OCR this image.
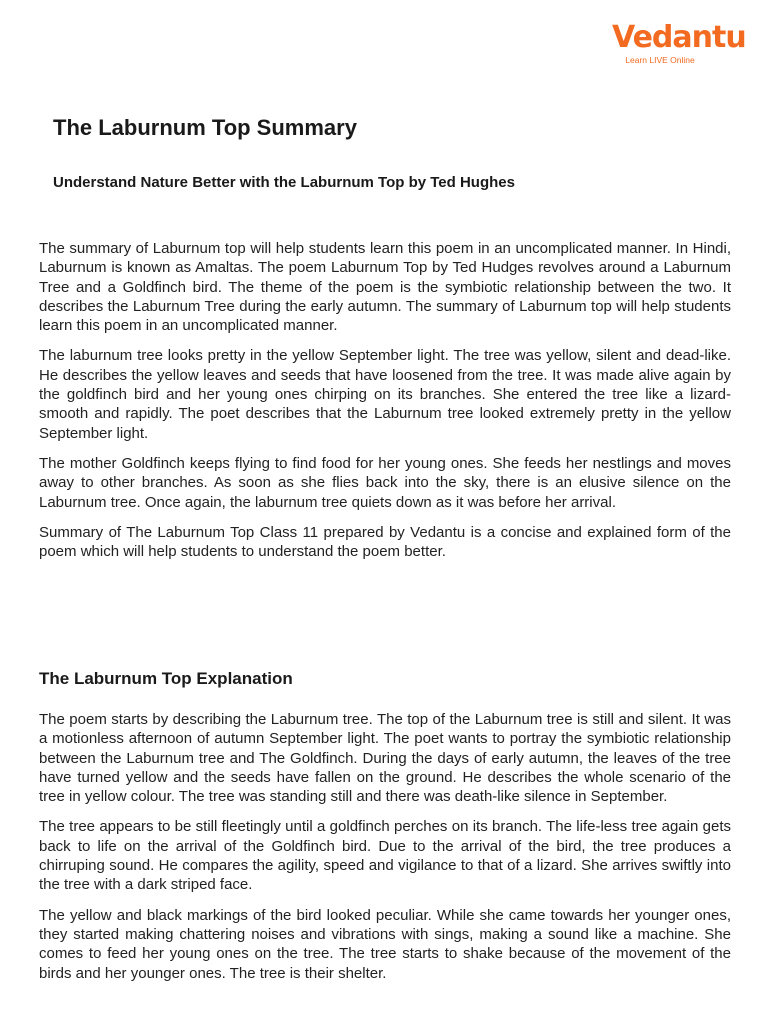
Vedantu
Learn LIVE Online
The Laburnum Top Summary
Understand Nature Better with the Laburnum Top by Ted Hughes

The summary of Laburnum top will help students learn this poem in an uncomplicated manner. In Hindi, Laburnum is known as Amaltas. The poem Laburnum Top by Ted Hudges revolves around a Laburnum Tree and a Goldfinch bird. The theme of the poem is the symbiotic relationship between the two. It describes the Laburnum Tree during the early autumn. The summary of Laburnum top will help students learn this poem in an uncomplicated manner.

The laburnum tree looks pretty in the yellow September light. The tree was yellow, silent and dead-like. He describes the yellow leaves and seeds that have loosened from the tree. It was made alive again by the goldfinch bird and her young ones chirping on its branches. She entered the tree like a lizard- smooth and rapidly. The poet describes that the Laburnum tree looked extremely pretty in the yellow September light.

The mother Goldfinch keeps flying to find food for her young ones. She feeds her nestlings and moves away to other branches. As soon as she flies back into the sky, there is an elusive silence on the Laburnum tree. Once again, the laburnum tree quiets down as it was before her arrival.

Summary of The Laburnum Top Class 11 prepared by Vedantu is a concise and explained form of the poem which will help students to understand the poem better.

The Laburnum Top Explanation

The poem starts by describing the Laburnum tree. The top of the Laburnum tree is still and silent. It was a motionless afternoon of autumn September light. The poet wants to portray the symbiotic relationship between the Laburnum tree and The Goldfinch. During the days of early autumn, the leaves of the tree have turned yellow and the seeds have fallen on the ground. He describes the whole scenario of the tree in yellow colour. The tree was standing still and there was death-like silence in September.

The tree appears to be still fleetingly until a goldfinch perches on its branch. The life-less tree again gets back to life on the arrival of the Goldfinch bird. Due to the arrival of the bird, the tree produces a chirruping sound. He compares the agility, speed and vigilance to that of a lizard. She arrives swiftly into the tree with a dark striped face.

The yellow and black markings of the bird looked peculiar. While she came towards her younger ones, they started making chattering noises and vibrations with sings, making a sound like a machine. She comes to feed her young ones on the tree. The tree starts to shake because of the movement of the birds and her younger ones. The tree is their shelter.
